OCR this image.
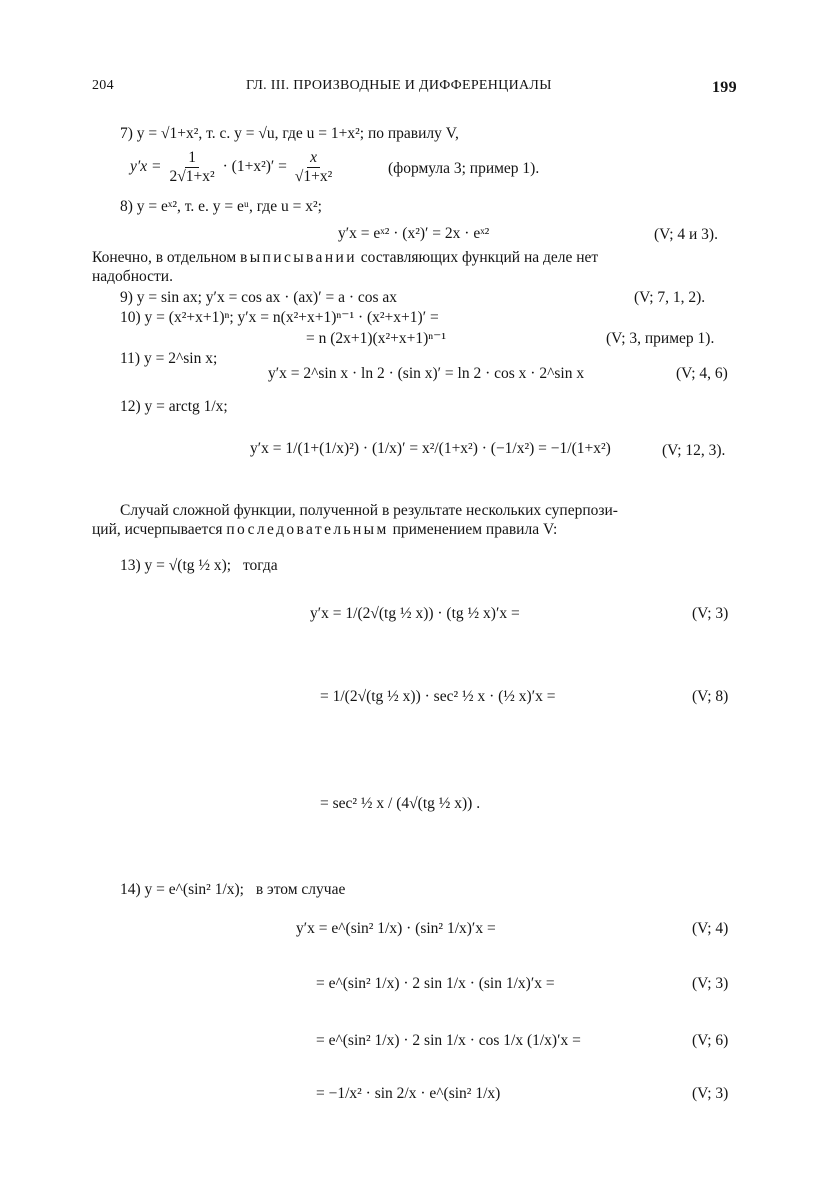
204	ГЛ. III. ПРОИЗВОДНЫЕ И ДИФФЕРЕНЦИАЛЫ	199
7) y = √1+x², т. с. y = √u, где u = 1+x²; по правилу V,
$y'x = \frac{1}{\text{2√1+x²}} \cdot (1+x^2)' = \frac{x}{\text{√1+x²}}$	(формула 3; пример 1).
8) y = eˣ², т. е. y = eᵘ, где u = x²;
y′x = eˣ² · (x²)′ = 2x · eˣ²	(V; 4 и 3).
Конечно, в отдельном выписывании составляющих функций на деле нет
надобности.
9) y = sin ax; y′x = cos ax · (ax)′ = a · cos ax	(V; 7, 1, 2).
10) y = (x²+x+1)ⁿ; y′x = n(x²+x+1)ⁿ⁻¹ · (x²+x+1)′ =
= n (2x+1)(x²+x+1)ⁿ⁻¹	(V; 3, пример 1).
11) y = 2^sin x;
y′x = 2^sin x · ln 2 · (sin x)′ = ln 2 · cos x · 2^sin x	(V; 4, 6)
12) y = arctg 1/x;
y′x = 1/(1+(1/x)²) · (1/x)′ = x²/(1+x²) · (−1/x²) = −1/(1+x²)	(V; 12, 3).
Случай сложной функции, полученной в результате нескольких суперпози-
ций, исчерпывается последовательным применением правила V:
13) y = √(tg ½ x); тогда
y′x = 1/(2√(tg ½ x)) · (tg ½ x)′x =	(V; 3)
= 1/(2√(tg ½ x)) · sec² ½ x · (½ x)′x =	(V; 8)
= sec² ½ x / (4√(tg ½ x)) .
14) y = e^(sin² 1/x); в этом случае
y′x = e^(sin² 1/x) · (sin² 1/x)′x =	(V; 4)
= e^(sin² 1/x) · 2 sin 1/x · (sin 1/x)′x =	(V; 3)
= e^(sin² 1/x) · 2 sin 1/x · cos 1/x (1/x)′x =	(V; 6)
= −1/x² · sin 2/x · e^(sin² 1/x)	(V; 3)
